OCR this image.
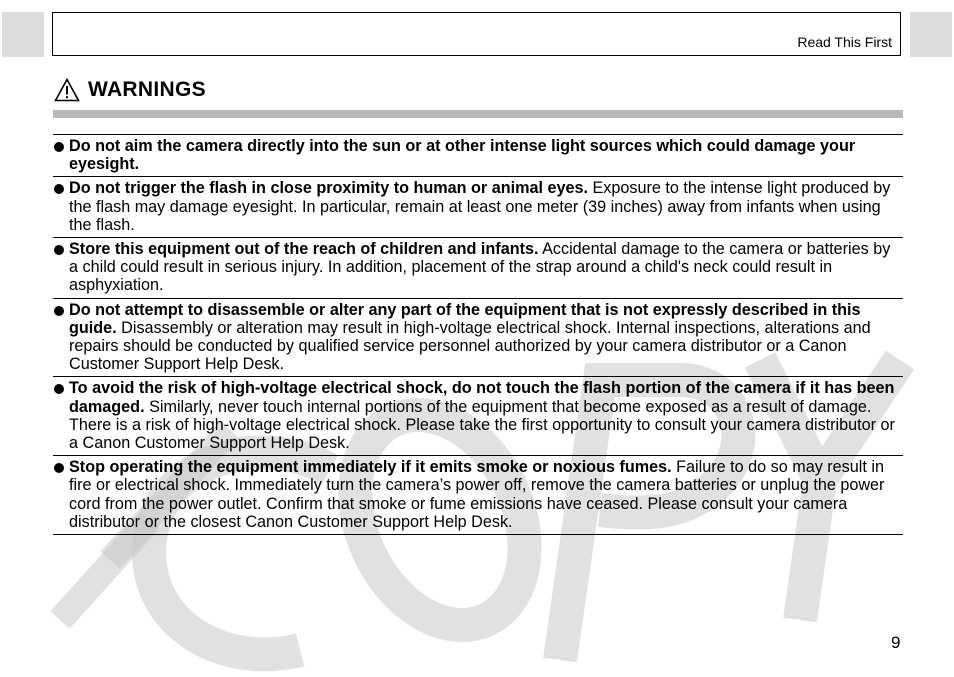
Read This First
WARNINGS
Do not aim the camera directly into the sun or at other intense light sources which could damage your eyesight.
Do not trigger the flash in close proximity to human or animal eyes. Exposure to the intense light produced by the flash may damage eyesight. In particular, remain at least one meter (39 inches) away from infants when using the flash.
Store this equipment out of the reach of children and infants. Accidental damage to the camera or batteries by a child could result in serious injury. In addition, placement of the strap around a child's neck could result in asphyxiation.
Do not attempt to disassemble or alter any part of the equipment that is not expressly described in this guide. Disassembly or alteration may result in high-voltage electrical shock. Internal inspections, alterations and repairs should be conducted by qualified service personnel authorized by your camera distributor or a Canon Customer Support Help Desk.
To avoid the risk of high-voltage electrical shock, do not touch the flash portion of the camera if it has been damaged. Similarly, never touch internal portions of the equipment that become exposed as a result of damage. There is a risk of high-voltage electrical shock. Please take the first opportunity to consult your camera distributor or a Canon Customer Support Help Desk.
Stop operating the equipment immediately if it emits smoke or noxious fumes. Failure to do so may result in fire or electrical shock. Immediately turn the camera’s power off, remove the camera batteries or unplug the power cord from the power outlet. Confirm that smoke or fume emissions have ceased. Please consult your camera distributor or the closest Canon Customer Support Help Desk.
9
